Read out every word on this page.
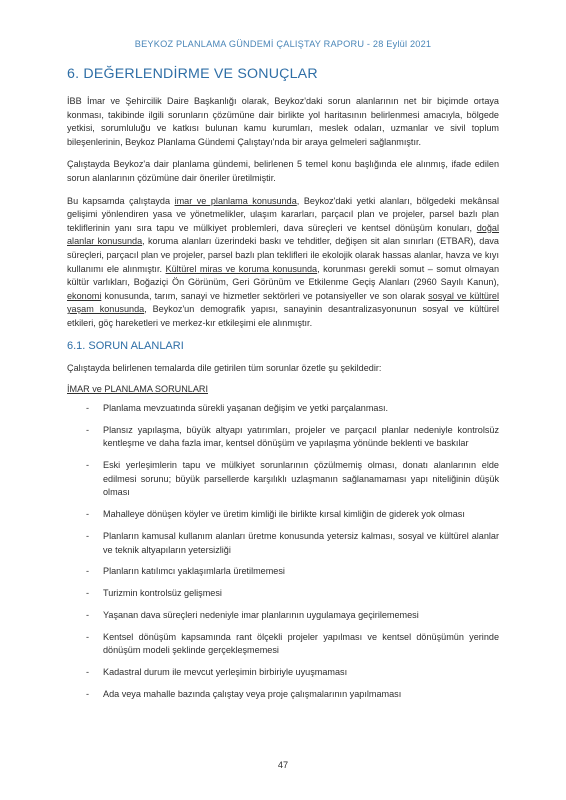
BEYKOZ PLANLAMA GÜNDEMİ ÇALIŞTAY RAPORU - 28 Eylül 2021
6. DEĞERLENDİRME VE SONUÇLAR

İBB İmar ve Şehircilik Daire Başkanlığı olarak, Beykoz'daki sorun alanlarının net bir biçimde ortaya konması, takibinde ilgili sorunların çözümüne dair birlikte yol haritasının belirlenmesi amacıyla, bölgede yetkisi, sorumluluğu ve katkısı bulunan kamu kurumları, meslek odaları, uzmanlar ve sivil toplum bileşenlerinin, Beykoz Planlama Gündemi Çalıştayı'nda bir araya gelmeleri sağlanmıştır.

Çalıştayda Beykoz'a dair planlama gündemi, belirlenen 5 temel konu başlığında ele alınmış, ifade edilen sorun alanlarının çözümüne dair öneriler üretilmiştir.

Bu kapsamda çalıştayda imar ve planlama konusunda, Beykoz'daki yetki alanları, bölgedeki mekânsal gelişimi yönlendiren yasa ve yönetmelikler, ulaşım kararları, parçacıl plan ve projeler, parsel bazlı plan tekliflerinin yanı sıra tapu ve mülkiyet problemleri, dava süreçleri ve kentsel dönüşüm konuları, doğal alanlar konusunda, koruma alanları üzerindeki baskı ve tehditler, değişen sit alan sınırları (ETBAR), dava süreçleri, parçacıl plan ve projeler, parsel bazlı plan teklifleri ile ekolojik olarak hassas alanlar, havza ve kıyı kullanımı ele alınmıştır. Kültürel miras ve koruma konusunda, korunması gerekli somut – somut olmayan kültür varlıkları, Boğaziçi Ön Görünüm, Geri Görünüm ve Etkilenme Geçiş Alanları (2960 Sayılı Kanun), ekonomi konusunda, tarım, sanayi ve hizmetler sektörleri ve potansiyeller ve son olarak sosyal ve kültürel yaşam konusunda, Beykoz'un demografik yapısı, sanayinin desantralizasyonunun sosyal ve kültürel etkileri, göç hareketleri ve merkez-kır etkileşimi ele alınmıştır.

6.1. SORUN ALANLARI

Çalıştayda belirlenen temalarda dile getirilen tüm sorunlar özetle şu şekildedir:

İMAR ve PLANLAMA SORUNLARI
- Planlama mevzuatında sürekli yaşanan değişim ve yetki parçalanması.
- Plansız yapılaşma, büyük altyapı yatırımları, projeler ve parçacıl planlar nedeniyle kontrolsüz kentleşme ve daha fazla imar, kentsel dönüşüm ve yapılaşma yönünde beklenti ve baskılar
- Eski yerleşimlerin tapu ve mülkiyet sorunlarının çözülmemiş olması, donatı alanlarının elde edilmesi sorunu; büyük parsellerde karşılıklı uzlaşmanın sağlanamaması yapı niteliğinin düşük olması
- Mahalleye dönüşen köyler ve üretim kimliği ile birlikte kırsal kimliğin de giderek yok olması
- Planların kamusal kullanım alanları üretme konusunda yetersiz kalması, sosyal ve kültürel alanlar ve teknik altyapıların yetersizliği
- Planların katılımcı yaklaşımlarla üretilmemesi
- Turizmin kontrolsüz gelişmesi
- Yaşanan dava süreçleri nedeniyle imar planlarının uygulamaya geçirilememesi
- Kentsel dönüşüm kapsamında rant ölçekli projeler yapılması ve kentsel dönüşümün yerinde dönüşüm modeli şeklinde gerçekleşmemesi
- Kadastral durum ile mevcut yerleşimin birbiriyle uyuşmaması
- Ada veya mahalle bazında çalıştay veya proje çalışmalarının yapılmaması
47
